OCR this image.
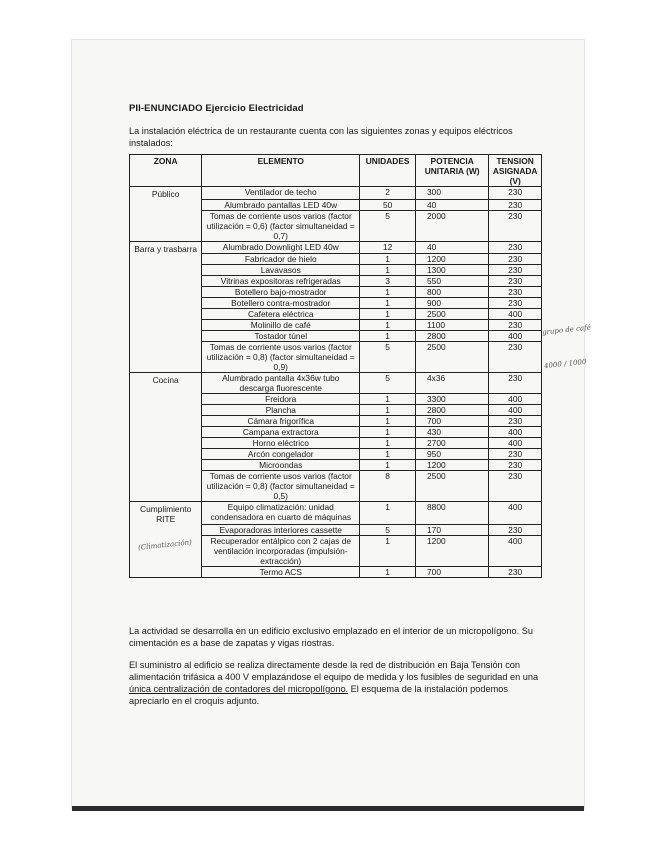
PII-ENUNCIADO Ejercicio Electricidad

La instalación eléctrica de un restaurante cuenta con las siguientes zonas y equipos eléctricos instalados:

ZONA	ELEMENTO	UNIDADES	POTENCIA UNITARIA (W)	TENSION ASIGNADA (V)
Público	Ventilador de techo	2	300	230
	Alumbrado pantallas LED 40w	50	40	230
	Tomas de corriente usos varios (factor utilización = 0,6) (factor simultaneidad = 0,7)	5	2000	230
Barra y trasbarra	Alumbrado Downlight LED 40w	12	40	230
	Fabricador de hielo	1	1200	230
	Lavavasos	1	1300	230
	Vitrinas expositoras refrigeradas	3	550	230
	Botellero bajo-mostrador	1	800	230
	Botellero contra-mostrador	1	900	230
	Cafetera eléctrica	1	2500	400
	Molinillo de café	1	1100	230
	Tostador túnel	1	2800	400
	Tomas de corriente usos varios (factor utilización = 0,8) (factor simultaneidad = 0,9)	5	2500	230
Cocina	Alumbrado pantalla 4x36w tubo descarga fluorescente	5	4x36	230
	Freidora	1	3300	400
	Plancha	1	2800	400
	Cámara frigorífica	1	700	230
	Campana extractora	1	430	400
	Horno eléctrico	1	2700	400
	Arcón congelador	1	950	230
	Microondas	1	1200	230
	Tomas de corriente usos varios (factor utilización = 0,8) (factor simultaneidad = 0,5)	8	2500	230
Cumplimiento RITE	Equipo climatización: unidad condensadora en cuarto de máquinas	1	8800	400
	Evaporadoras interiores cassette	5	170	230
	Recuperador entálpico con 2 cajas de ventilación incorporadas (impulsión-extracción)	1	1200	400
	Termo ACS	1	700	230
(Climatización)
grupo de café
4000 / 1000

La actividad se desarrolla en un edificio exclusivo emplazado en el interior de un micropolígono. Su cimentación es a base de zapatas y vigas riostras.

El suministro al edificio se realiza directamente desde la red de distribución en Baja Tensión con alimentación trifásica a 400 V emplazándose el equipo de medida y los fusibles de seguridad en una única centralización de contadores del micropolígono. El esquema de la instalación podemos apreciarlo en el croquis adjunto.
